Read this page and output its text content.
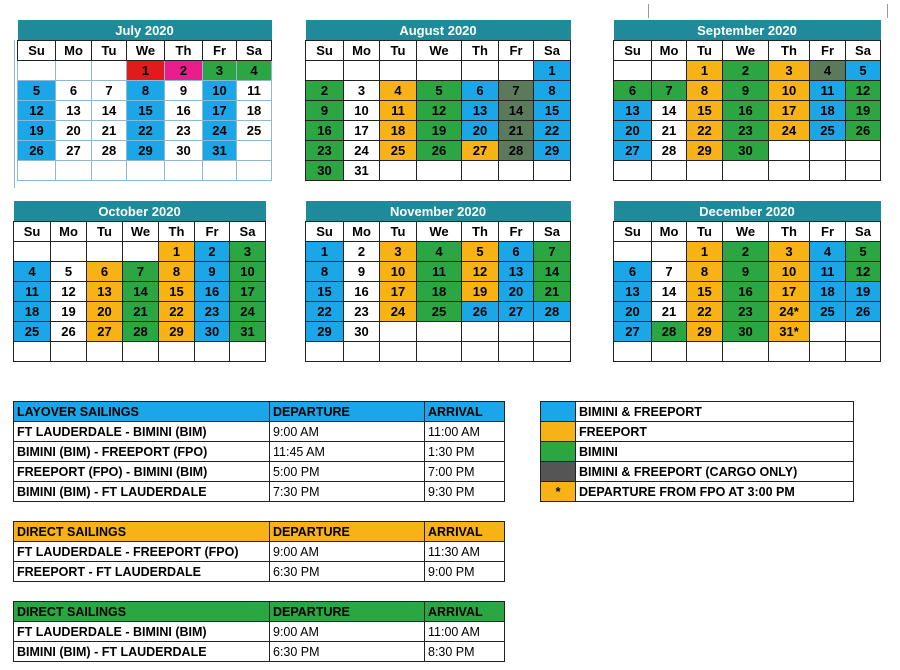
July 2020						
Su	Mo	Tu	We	Th	Fr	Sa
			1	2	3	4
5	6	7	8	9	10	11
12	13	14	15	16	17	18
19	20	21	22	23	24	25
26	27	28	29	30	31	

August 2020						
Su	Mo	Tu	We	Th	Fr	Sa
						1
2	3	4	5	6	7	8
9	10	11	12	13	14	15
16	17	18	19	20	21	22
23	24	25	26	27	28	29
30	31					
September 2020						
Su	Mo	Tu	We	Th	Fr	Sa
		1	2	3	4	5
6	7	8	9	10	11	12
13	14	15	16	17	18	19
20	21	22	23	24	25	26
27	28	29	30			

October 2020						
Su	Mo	Tu	We	Th	Fr	Sa
				1	2	3
4	5	6	7	8	9	10
11	12	13	14	15	16	17
18	19	20	21	22	23	24
25	26	27	28	29	30	31

November 2020						
Su	Mo	Tu	We	Th	Fr	Sa
1	2	3	4	5	6	7
8	9	10	11	12	13	14
15	16	17	18	19	20	21
22	23	24	25	26	27	28
29	30					

December 2020						
Su	Mo	Tu	We	Th	Fr	Sa
		1	2	3	4	5
6	7	8	9	10	11	12
13	14	15	16	17	18	19
20	21	22	23	24*	25	26
27	28	29	30	31*		

LAYOVER SAILINGS	DEPARTURE	ARRIVAL
FT LAUDERDALE - BIMINI (BIM)	9:00 AM	11:00 AM
BIMINI (BIM) - FREEPORT (FPO)	11:45 AM	1:30 PM
FREEPORT (FPO) - BIMINI (BIM)	5:00 PM	7:00 PM
BIMINI (BIM) - FT LAUDERDALE	7:30 PM	9:30 PM
DIRECT SAILINGS	DEPARTURE	ARRIVAL
FT LAUDERDALE - FREEPORT (FPO)	9:00 AM	11:30 AM
FREEPORT - FT LAUDERDALE	6:30 PM	9:00 PM
DIRECT SAILINGS	DEPARTURE	ARRIVAL
FT LAUDERDALE - BIMINI (BIM)	9:00 AM	11:00 AM
BIMINI (BIM) - FT LAUDERDALE	6:30 PM	8:30 PM
	BIMINI & FREEPORT
	FREEPORT
	BIMINI
	BIMINI & FREEPORT (CARGO ONLY)
*	DEPARTURE FROM FPO AT 3:00 PM
